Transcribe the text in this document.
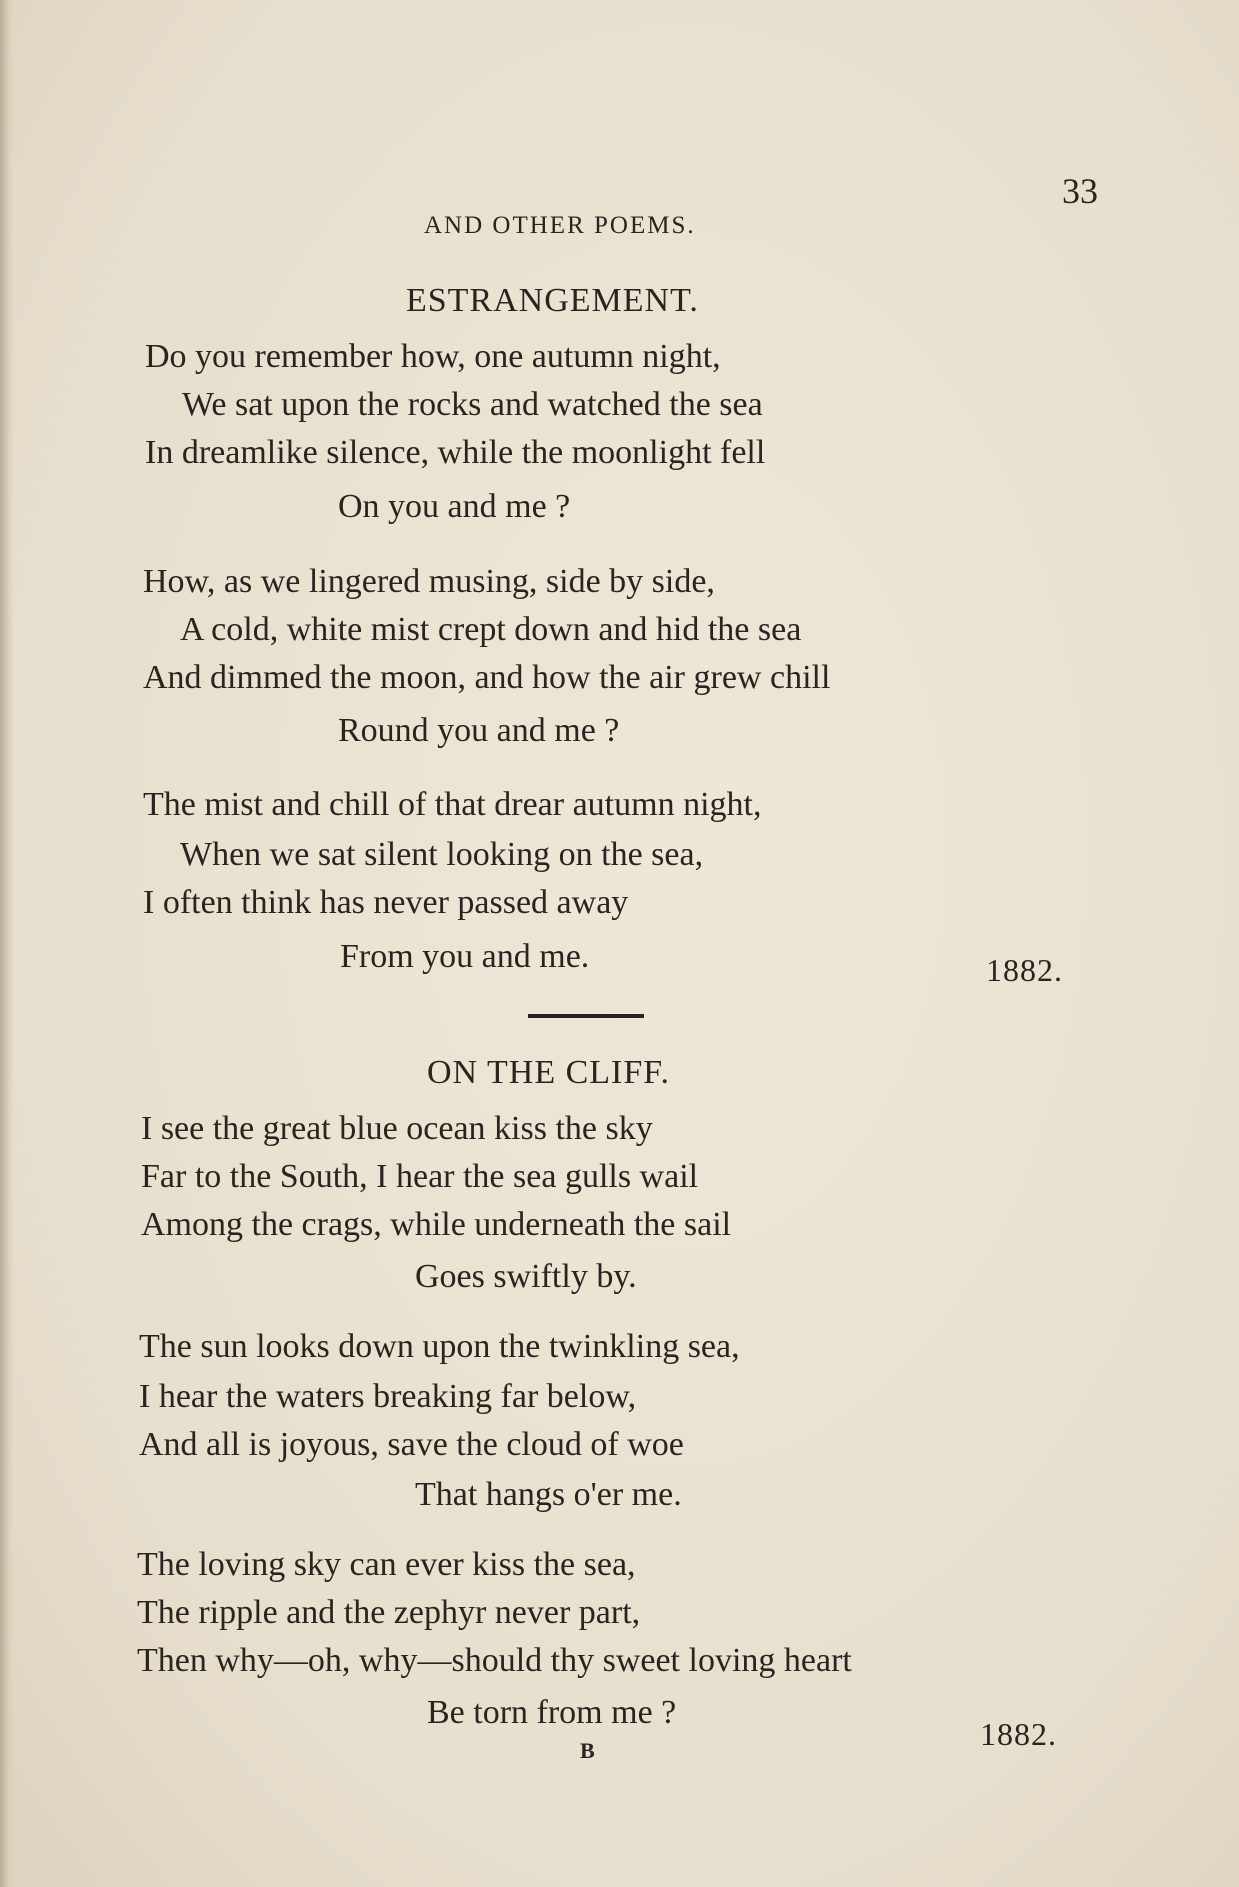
33
AND OTHER POEMS.
ESTRANGEMENT.
Do you remember how, one autumn night,
We sat upon the rocks and watched the sea
In dreamlike silence, while the moonlight fell
On you and me ?
How, as we lingered musing, side by side,
A cold, white mist crept down and hid the sea
And dimmed the moon, and how the air grew chill
Round you and me ?
The mist and chill of that drear autumn night,
When we sat silent looking on the sea,
I often think has never passed away
From you and me.	1882.
ON THE CLIFF.
I see the great blue ocean kiss the sky
Far to the South, I hear the sea gulls wail
Among the crags, while underneath the sail
Goes swiftly by.
The sun looks down upon the twinkling sea,
I hear the waters breaking far below,
And all is joyous, save the cloud of woe
That hangs o'er me.
The loving sky can ever kiss the sea,
The ripple and the zephyr never part,
Then why—oh, why—should thy sweet loving heart
Be torn from me ?
1882.
B
